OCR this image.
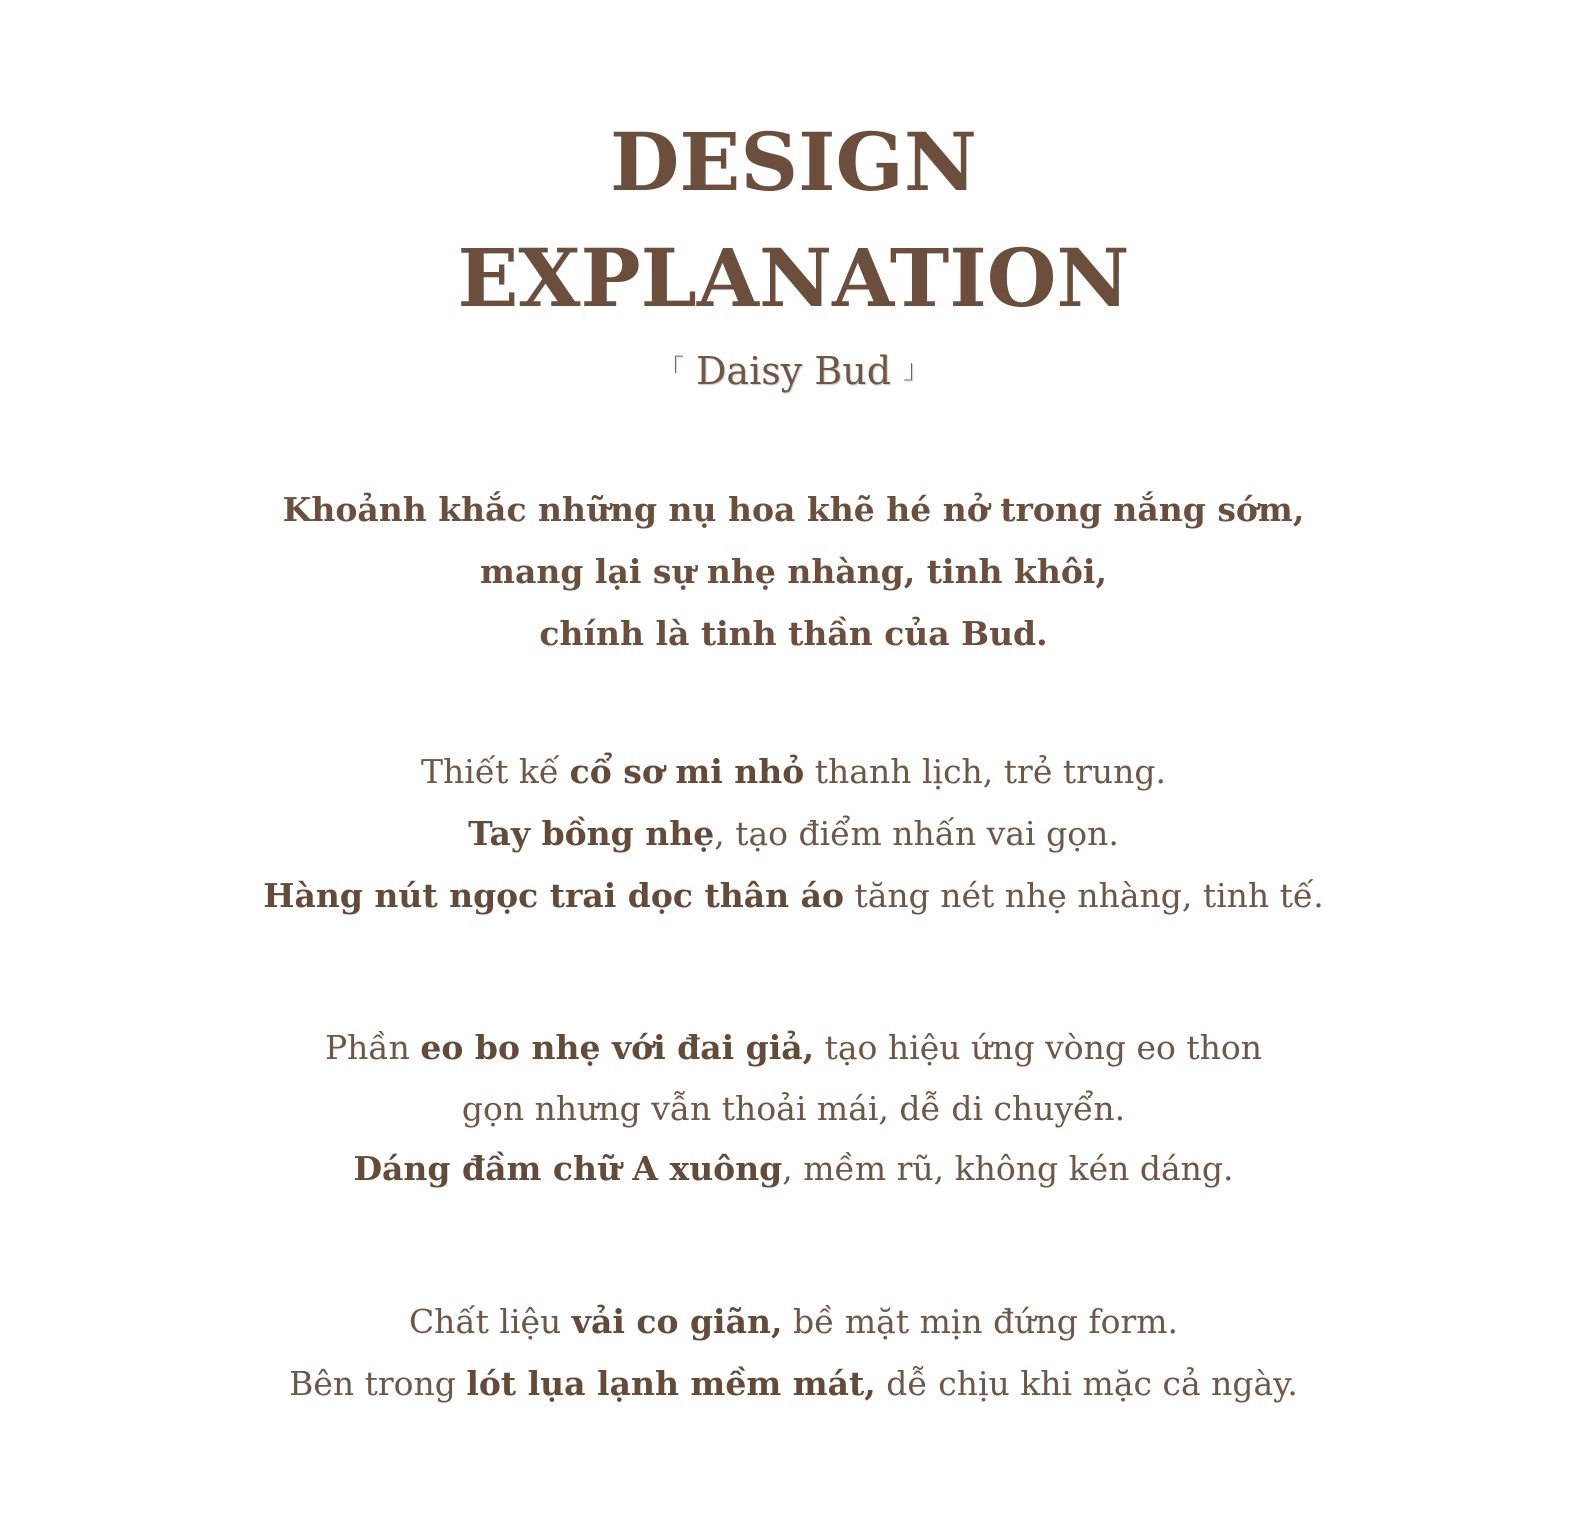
DESIGN
EXPLANATION
「 Daisy Bud 」
Khoảnh khắc những nụ hoa khẽ hé nở trong nắng sớm,
mang lại sự nhẹ nhàng, tinh khôi,
chính là tinh thần của Bud.
Thiết kế cổ sơ mi nhỏ thanh lịch, trẻ trung.
Tay bồng nhẹ, tạo điểm nhấn vai gọn.
Hàng nút ngọc trai dọc thân áo tăng nét nhẹ nhàng, tinh tế.
Phần eo bo nhẹ với đai giả, tạo hiệu ứng vòng eo thon
gọn nhưng vẫn thoải mái, dễ di chuyển.
Dáng đầm chữ A xuông, mềm rũ, không kén dáng.
Chất liệu vải co giãn, bề mặt mịn đứng form.
Bên trong lót lụa lạnh mềm mát, dễ chịu khi mặc cả ngày.
